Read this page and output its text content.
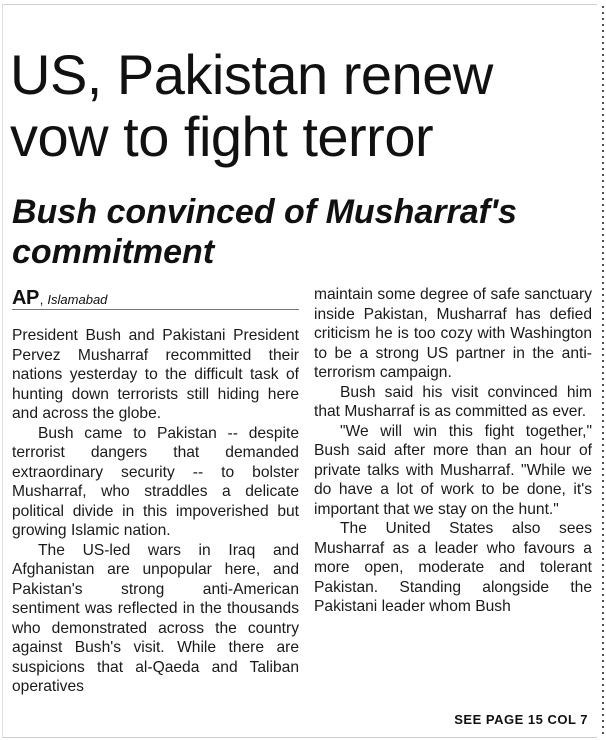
US, Pakistan renew vow to fight terror
Bush convinced of Musharraf's commitment
AP, Islamabad

President Bush and Pakistani President Pervez Musharraf recommitted their nations yesterday to the difficult task of hunting down terrorists still hiding here and across the globe.

Bush came to Pakistan -- despite terrorist dangers that demanded extraordinary security -- to bolster Musharraf, who straddles a delicate political divide in this impoverished but growing Islamic nation.

The US-led wars in Iraq and Afghanistan are unpopular here, and Pakistan's strong anti-American sentiment was reflected in the thousands who demonstrated across the country against Bush's visit. While there are suspicions that al-Qaeda and Taliban operatives

maintain some degree of safe sanctuary inside Pakistan, Musharraf has defied criticism he is too cozy with Washington to be a strong US partner in the anti-terrorism campaign.

Bush said his visit convinced him that Musharraf is as committed as ever.

"We will win this fight together," Bush said after more than an hour of private talks with Musharraf. "While we do have a lot of work to be done, it's important that we stay on the hunt."

The United States also sees Musharraf as a leader who favours a more open, moderate and tolerant Pakistan. Standing alongside the Pakistani leader whom Bush

SEE PAGE 15 COL 7
